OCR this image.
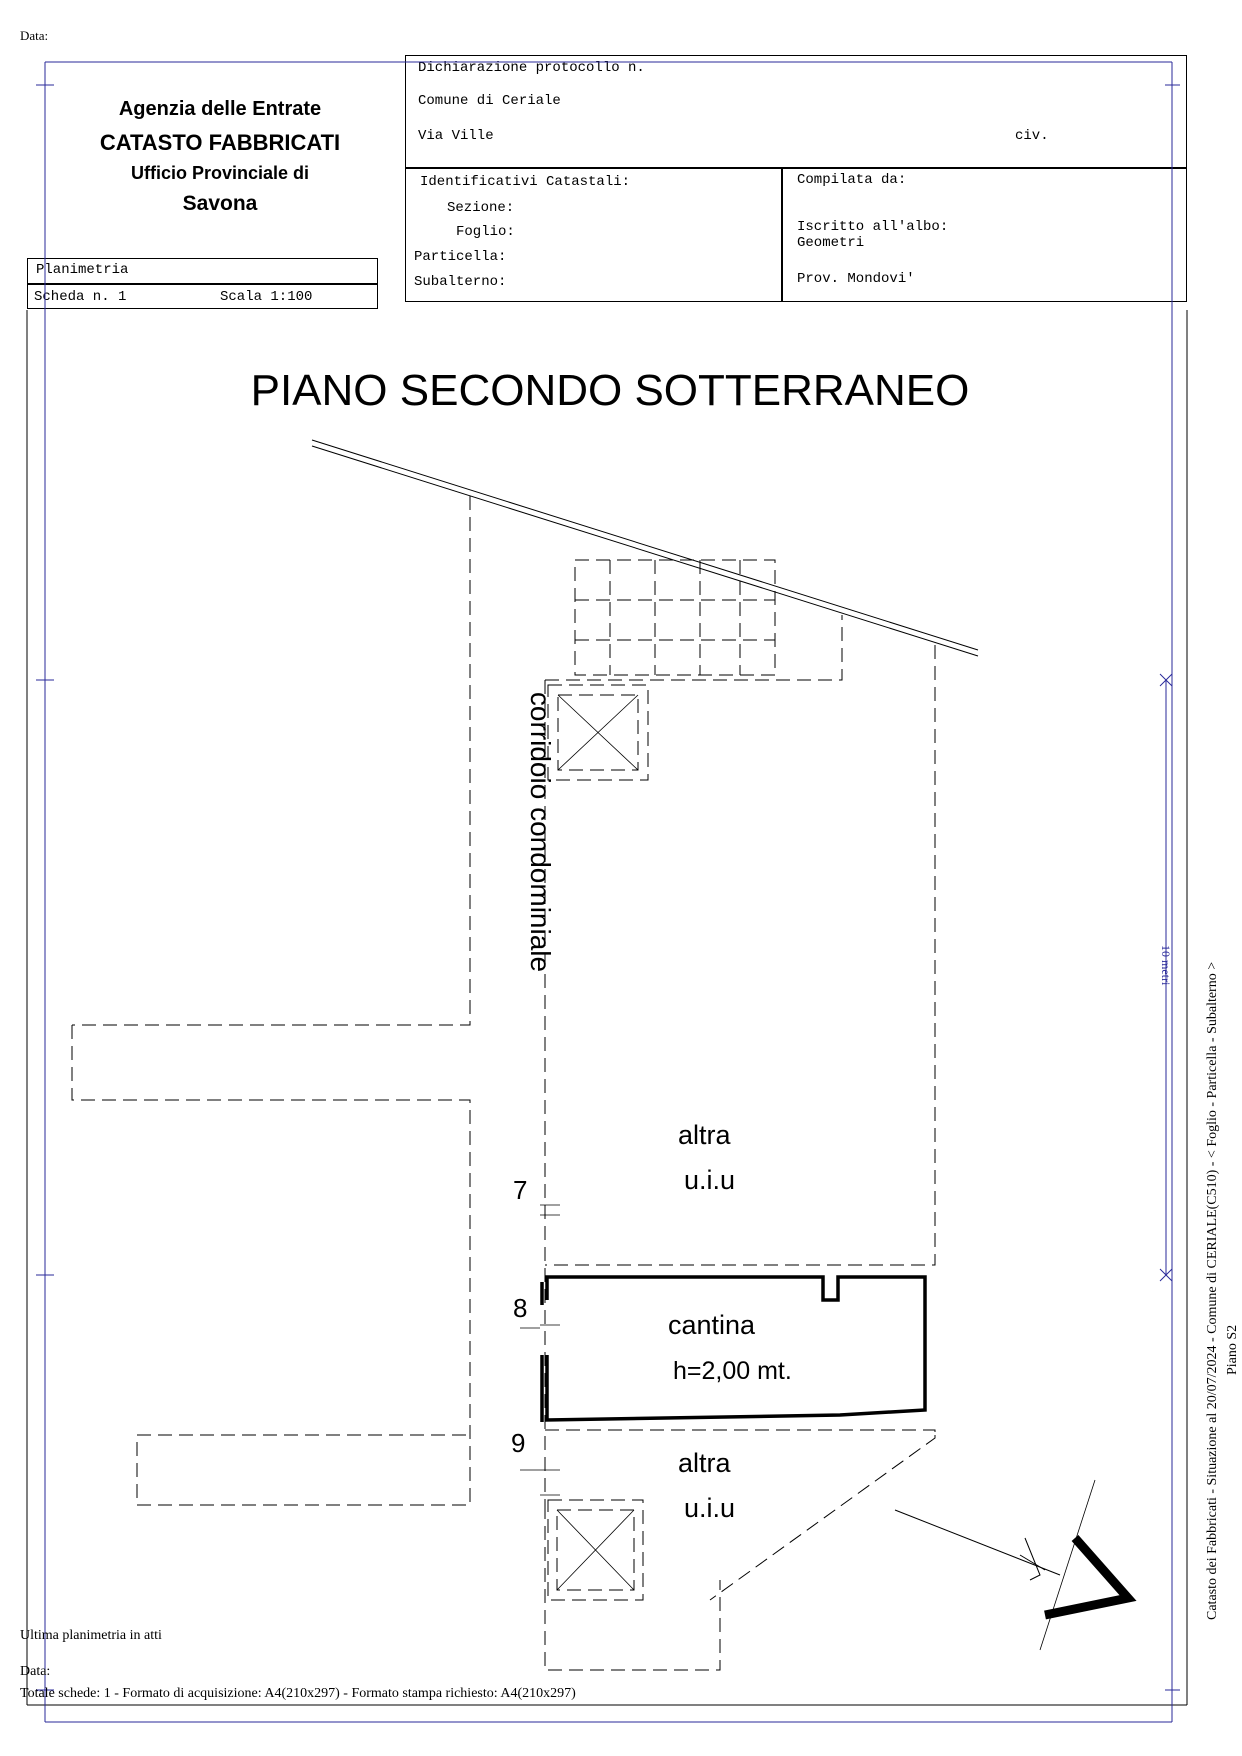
Data:
Agenzia delle Entrate
CATASTO FABBRICATI
Ufficio Provinciale di
Savona
Dichiarazione protocollo n.
Comune di Ceriale
Via Ville	civ.
Identificativi Catastali:
Sezione:
Foglio:
Particella:
Subalterno:
Compilata da:
Iscritto all'albo:
Geometri
Prov. Mondovi'
Planimetria
Scheda n. 1	Scala 1:100
PIANO SECONDO SOTTERRANEO
corridoio condominiale
altra
u.i.u
cantina
h=2,00 mt.
altra
u.i.u
7
8
9	Catasto dei Fabbricati - Situazione al 20/07/2024 - Comune di CERIALE(C510) - < Foglio - Particella - Subalterno > Piano S2
10 metri
Ultima planimetria in atti
Data:
Totale schede: 1 - Formato di acquisizione: A4(210x297) - Formato stampa richiesto: A4(210x297)
